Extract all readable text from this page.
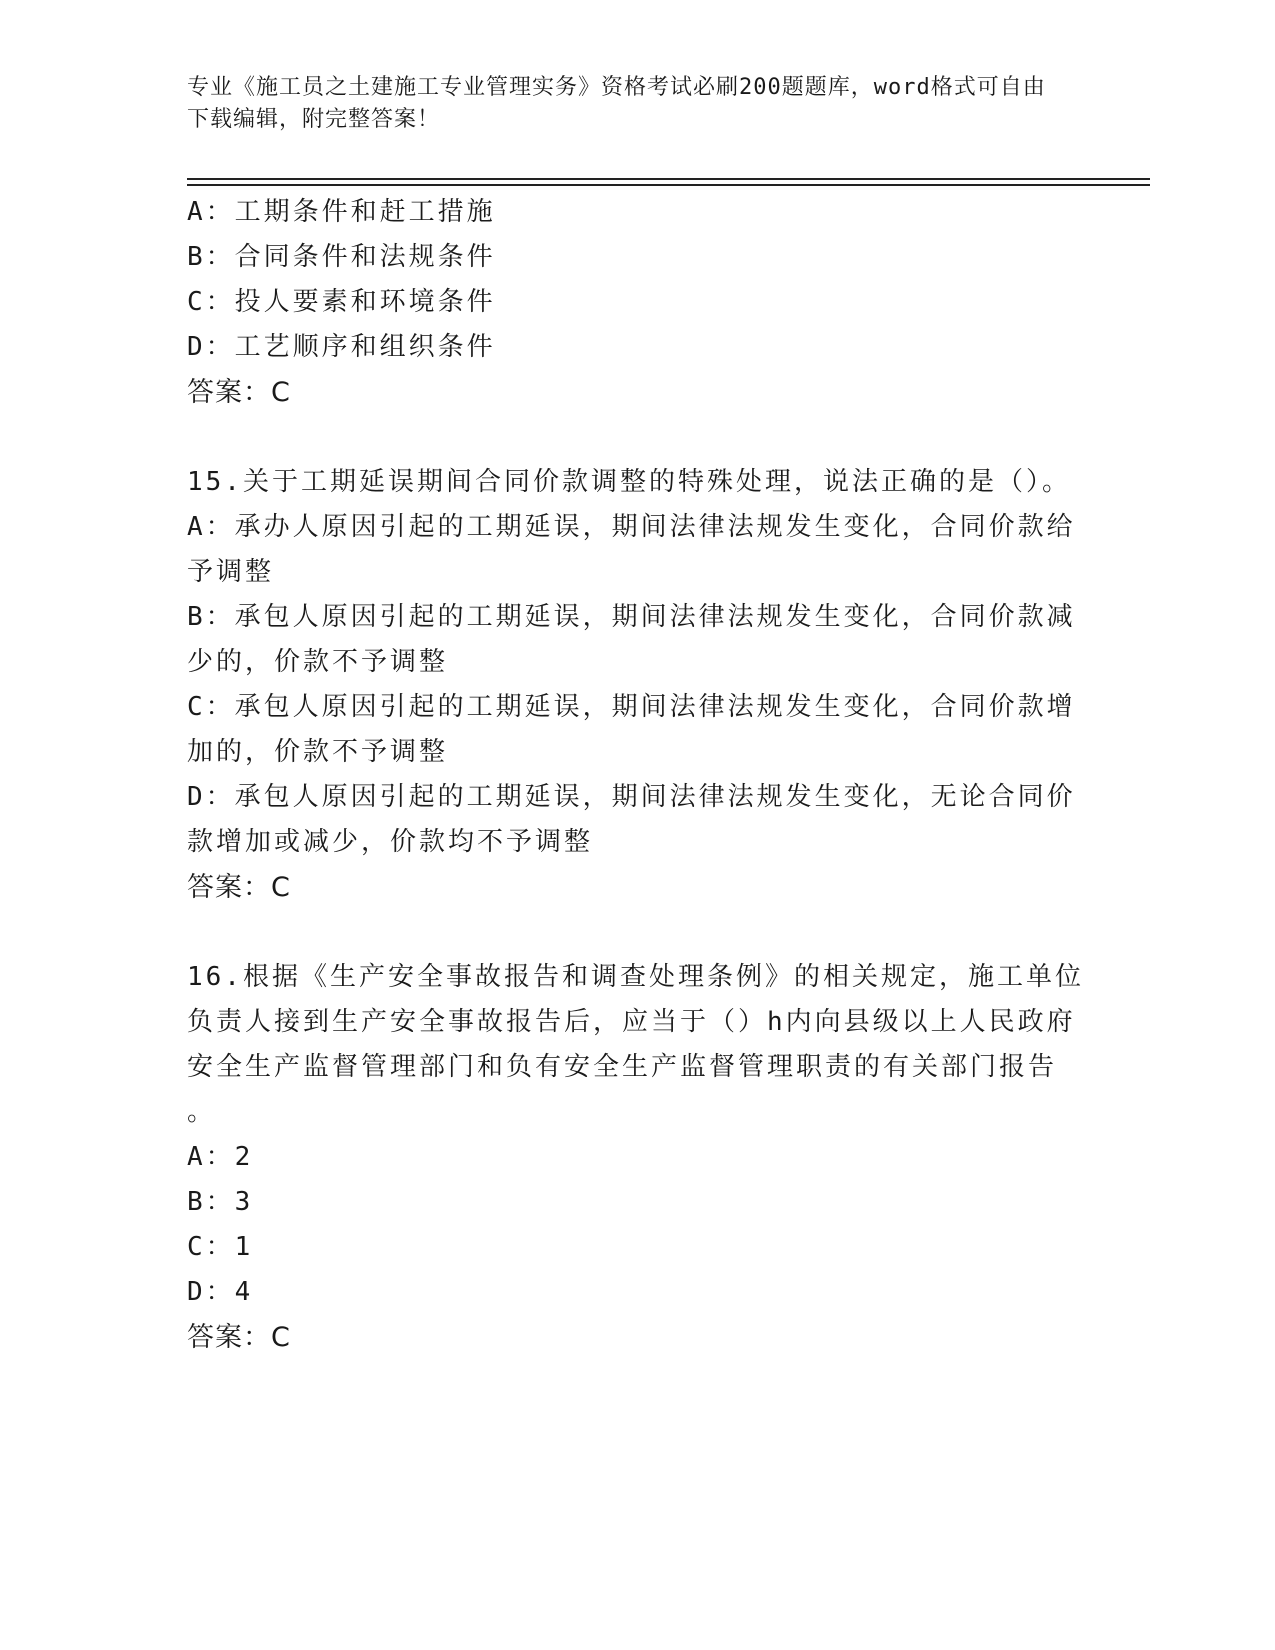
专业《施工员之土建施工专业管理实务》资格考试必刷200题题库，word格式可自由下载编辑，附完整答案！
A：工期条件和赶工措施
B：合同条件和法规条件
C：投人要素和环境条件
D：工艺顺序和组织条件
答案：C
15.关于工期延误期间合同价款调整的特殊处理，说法正确的是（）。
A：承办人原因引起的工期延误，期间法律法规发生变化，合同价款给
予调整
B：承包人原因引起的工期延误，期间法律法规发生变化，合同价款减
少的，价款不予调整
C：承包人原因引起的工期延误，期间法律法规发生变化，合同价款增
加的，价款不予调整
D：承包人原因引起的工期延误，期间法律法规发生变化，无论合同价
款增加或减少，价款均不予调整
答案：C
16.根据《生产安全事故报告和调查处理条例》的相关规定，施工单位
负责人接到生产安全事故报告后，应当于（）h内向县级以上人民政府
安全生产监督管理部门和负有安全生产监督管理职责的有关部门报告
。
A：2
B：3
C：1
D：4
答案：C
